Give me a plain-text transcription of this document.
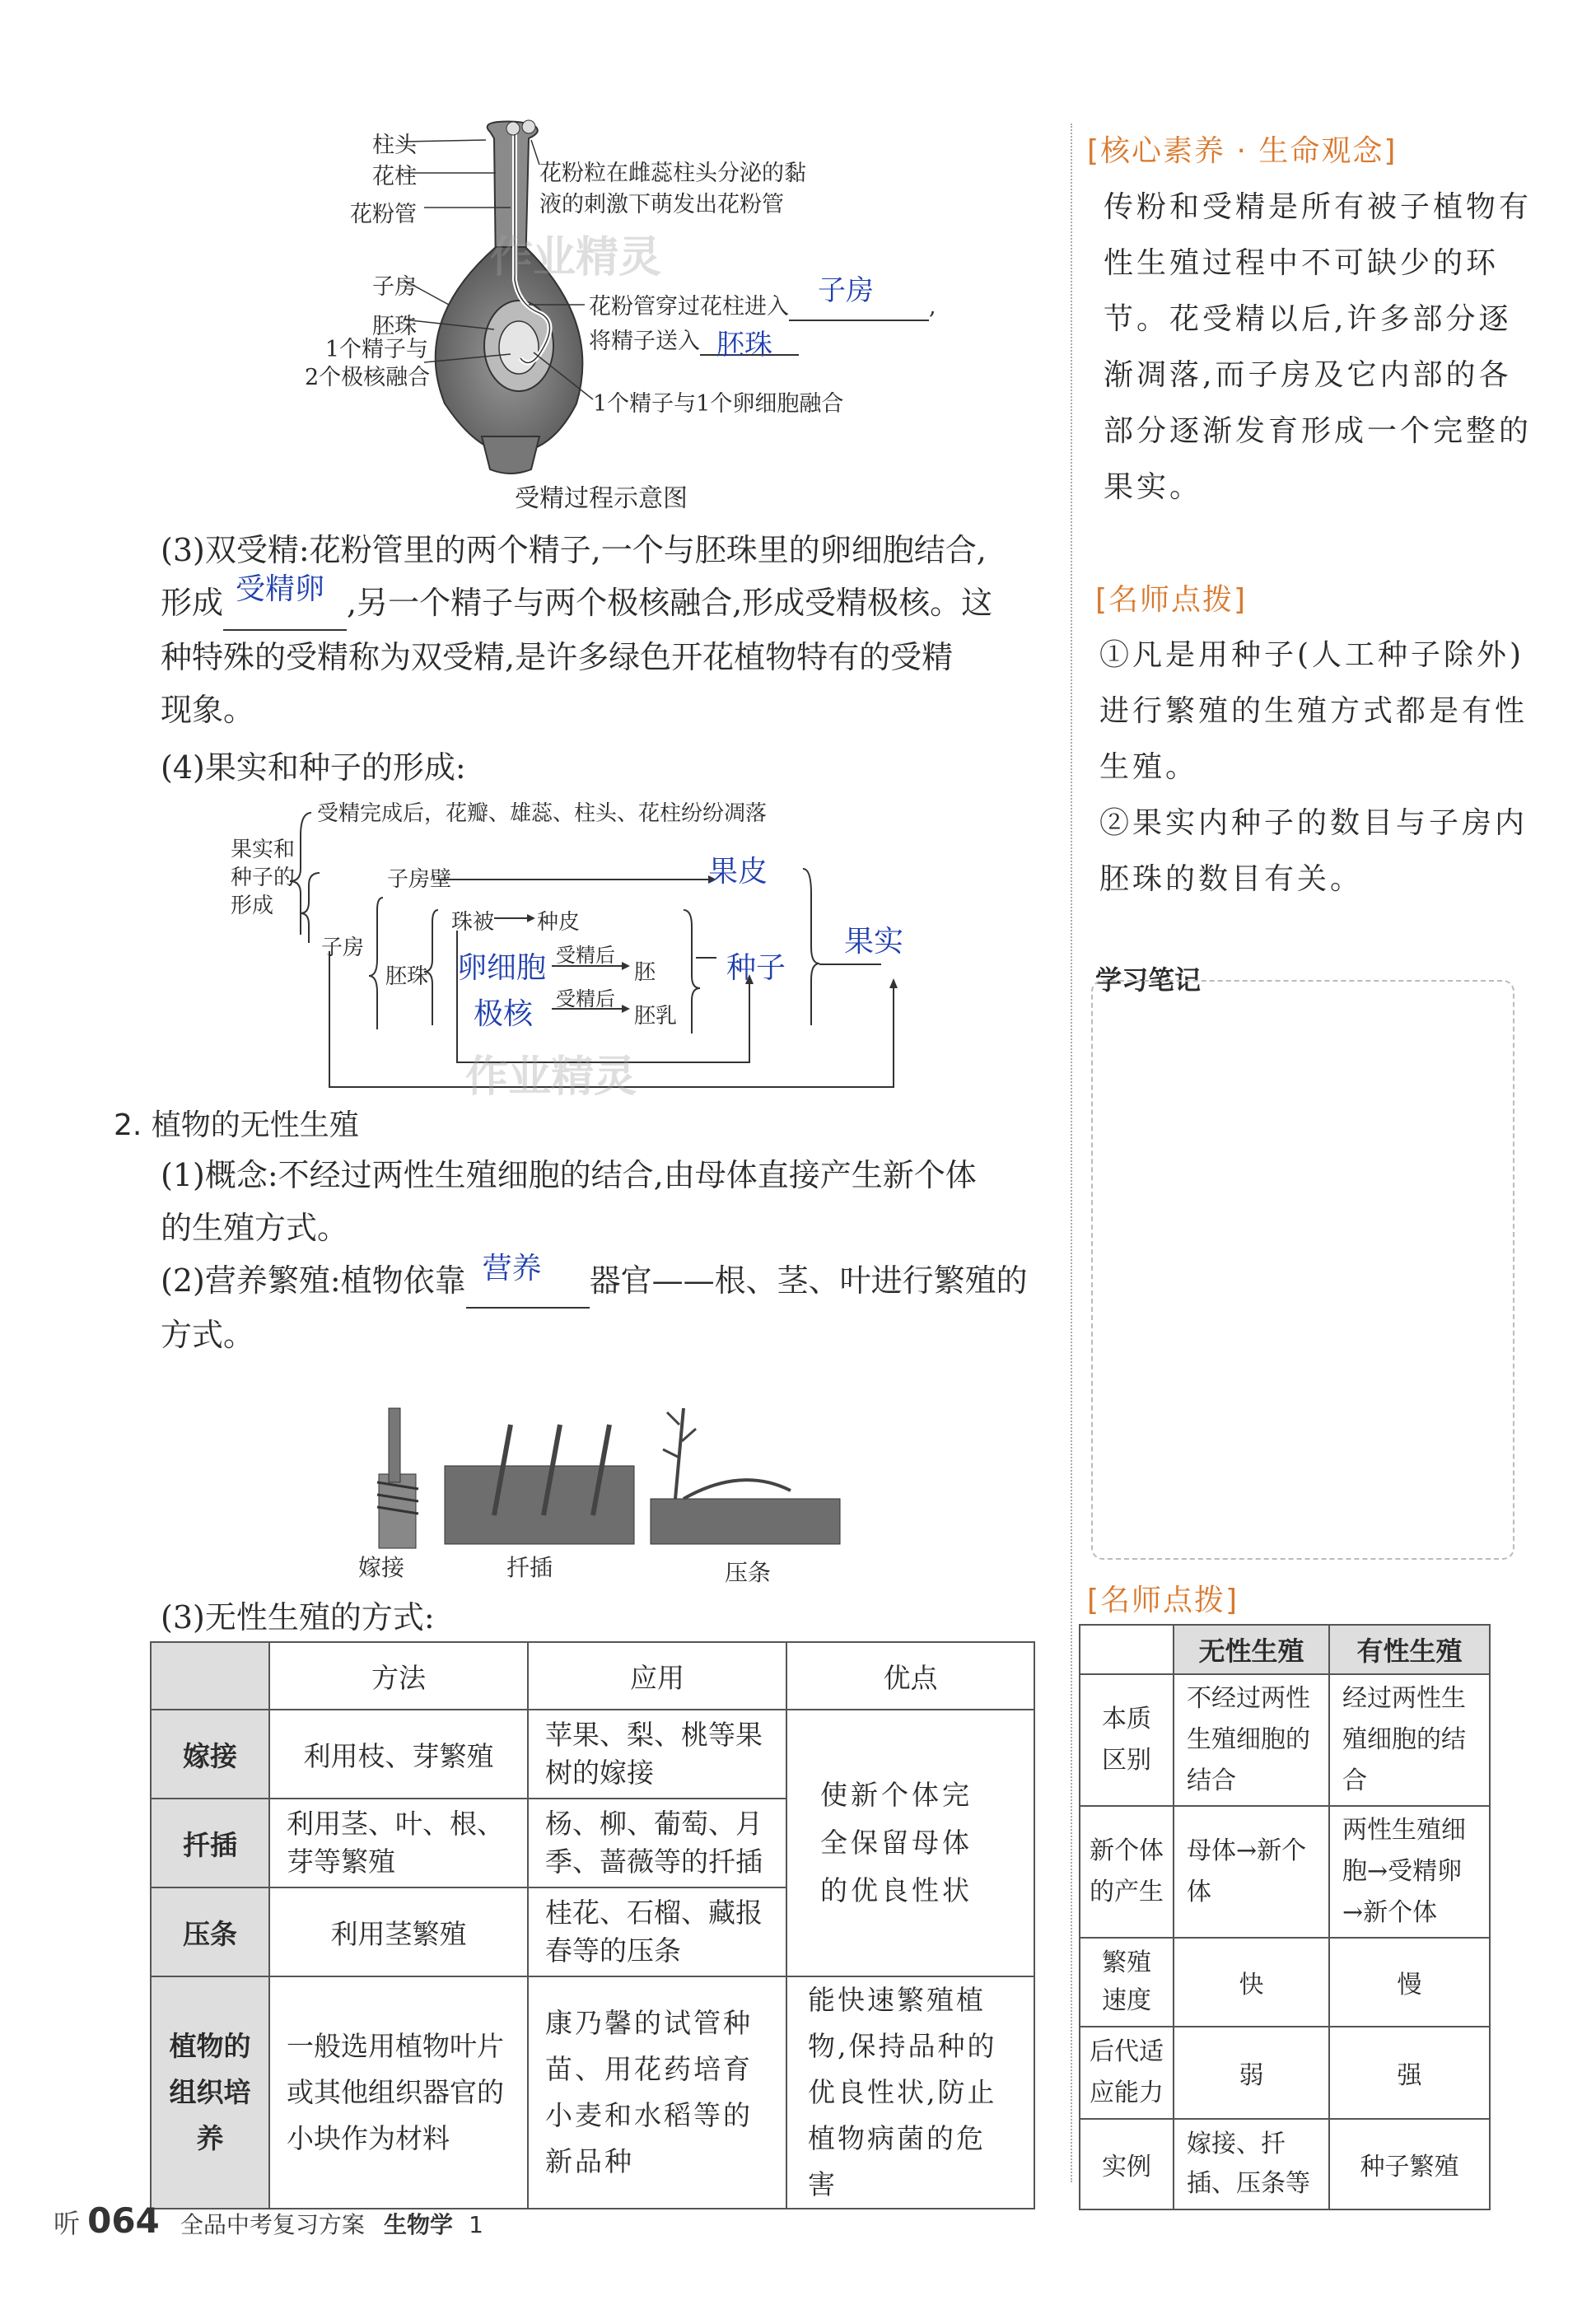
柱头
花柱
花粉管
子房
胚珠
1个精子与
2个极核融合
花粉粒在雌蕊柱头分泌的黏
液的刺激下萌发出花粉管
花粉管穿过花柱进入 子房 ,
将精子送入 胚珠

1个精子与1个卵细胞融合
受精过程示意图
作业精灵
(3)双受精:花粉管里的两个精子,一个与胚珠里的卵细胞结合,
形成 受精卵 ,另一个精子与两个极核融合,形成受精极核。这
种特殊的受精称为双受精,是许多绿色开花植物特有的受精
现象。
(4)果实和种子的形成:
果实和
种子的
形成
受精完成后，花瓣、雄蕊、柱头、花柱纷纷凋落
子房壁
子房
胚珠
珠被 种皮
受精后
胚
受精后
胚乳
果皮
卵细胞
极核
种子
果实
作业精灵
2. 植物的无性生殖
(1)概念:不经过两性生殖细胞的结合,由母体直接产生新个体
的生殖方式。
(2)营养繁殖:植物依靠 营养 器官——根、茎、叶进行繁殖的
方式。
嫁接	扦插	压条
(3)无性生殖的方式:
	方法	应用	优点
嫁接	利用枝、芽繁殖	苹果、梨、桃等果树的嫁接	使新个体完全保留母体的优良性状
扦插	利用茎、叶、根、芽等繁殖	杨、柳、葡萄、月季、蔷薇等的扦插	
压条	利用茎繁殖	桂花、石榴、藏报春等的压条	
植物的组织培养	一般选用植物叶片或其他组织器官的小块作为材料	康乃馨的试管种苗、用花药培育小麦和水稻等的新品种	能快速繁殖植物,保持品种的优良性状,防止植物病菌的危害
[核心素养 · 生命观念]
传粉和受精是所有被子植物有性生殖过程中不可缺少的环节。花受精以后,许多部分逐渐凋落,而子房及它内部的各部分逐渐发育形成一个完整的果实。
[名师点拨]
①凡是用种子(人工种子除外)进行繁殖的生殖方式都是有性生殖。
②果实内种子的数目与子房内胚珠的数目有关。
学习笔记
[名师点拨]
	无性生殖	有性生殖
本质区别	不经过两性生殖细胞的结合	经过两性生殖细胞的结合
新个体的产生	母体→新个体	两性生殖细胞→受精卵→新个体
繁殖速度	快	慢
后代适应能力	弱	强
实例	嫁接、扦插、压条等	种子繁殖
听 064 全品中考复习方案 生物学 1
